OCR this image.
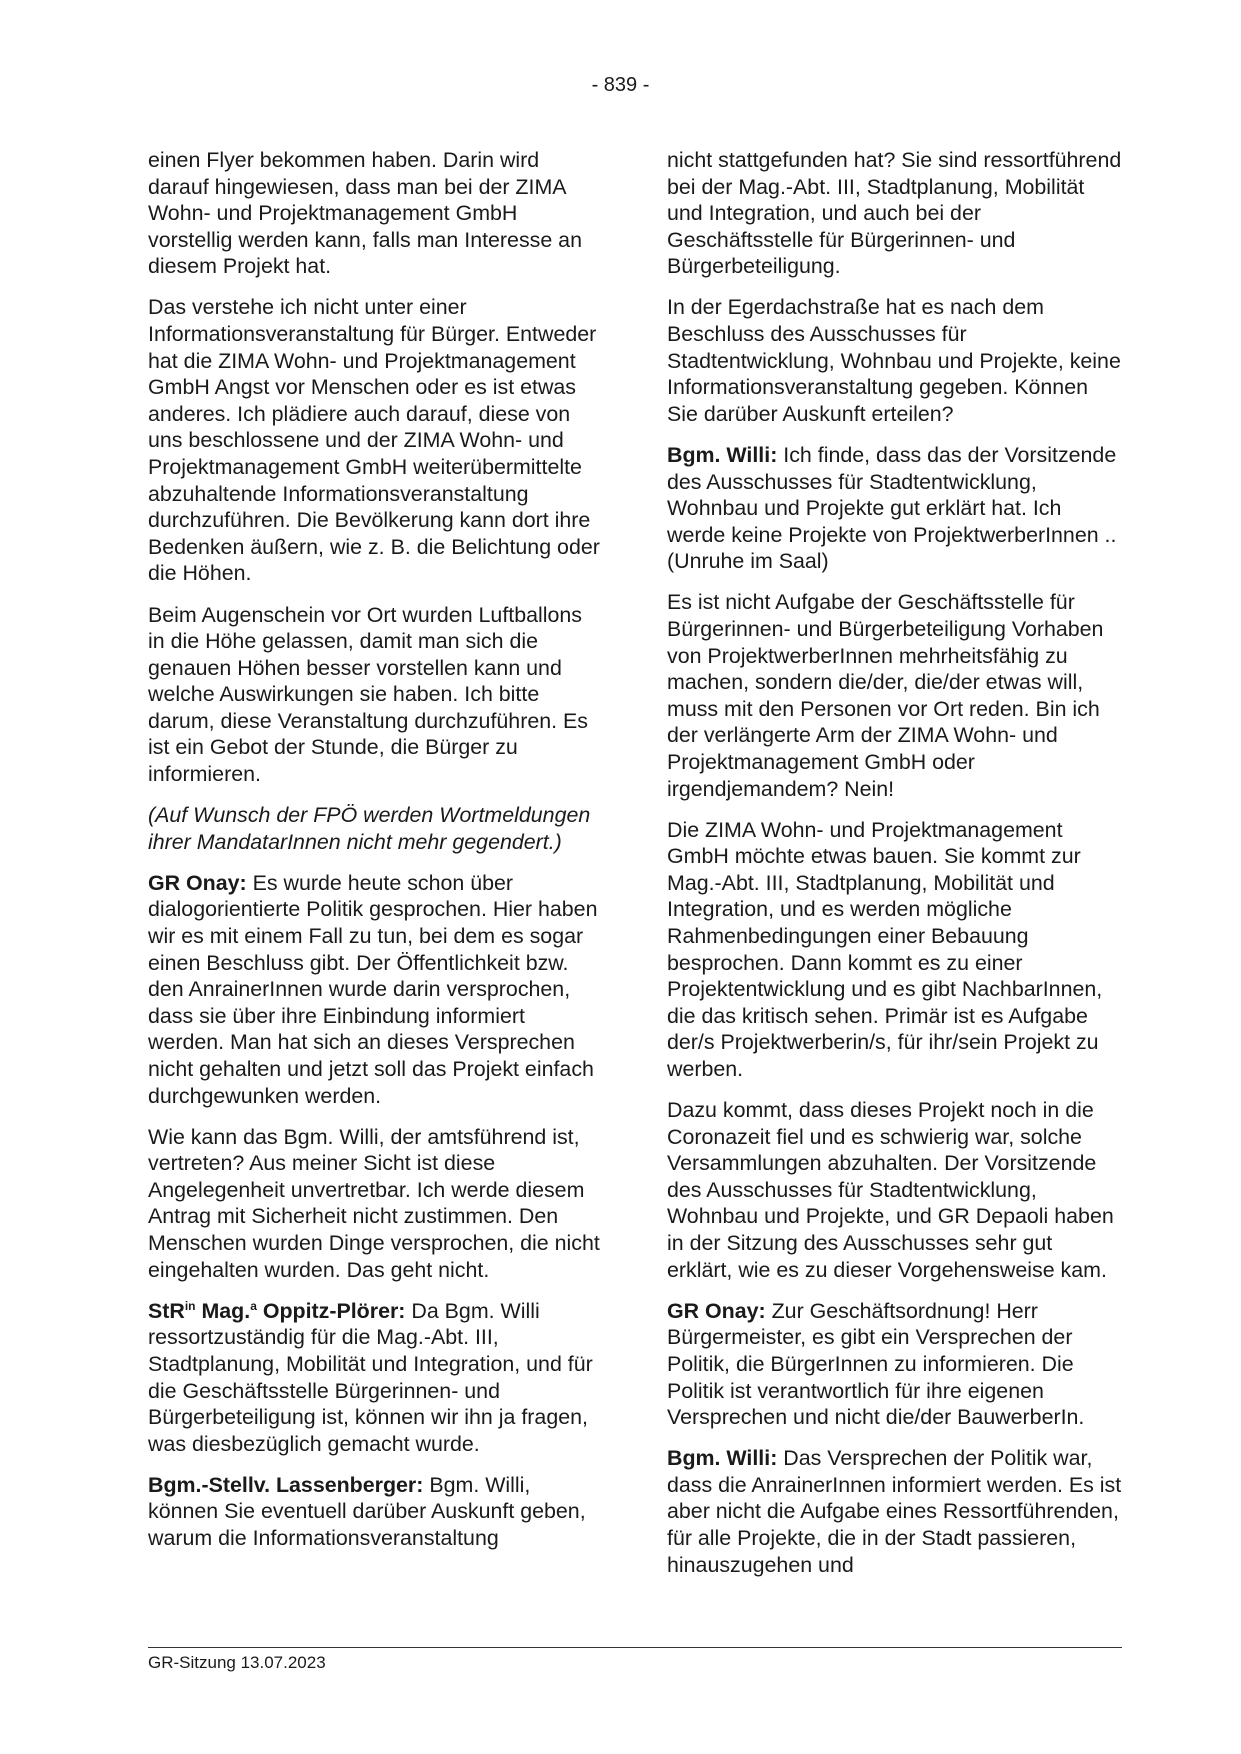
- 839 -

einen Flyer bekommen haben. Darin wird darauf hingewiesen, dass man bei der ZIMA Wohn- und Projektmanagement GmbH vorstellig werden kann, falls man Interesse an diesem Projekt hat.

Das verstehe ich nicht unter einer Informationsveranstaltung für Bürger. Entweder hat die ZIMA Wohn- und Projektmanagement GmbH Angst vor Menschen oder es ist etwas anderes. Ich plädiere auch darauf, diese von uns beschlossene und der ZIMA Wohn- und Projektmanagement GmbH weiterübermittelte abzuhaltende Informationsveranstaltung durchzuführen. Die Bevölkerung kann dort ihre Bedenken äußern, wie z. B. die Belichtung oder die Höhen.

Beim Augenschein vor Ort wurden Luftballons in die Höhe gelassen, damit man sich die genauen Höhen besser vorstellen kann und welche Auswirkungen sie haben. Ich bitte darum, diese Veranstaltung durchzuführen. Es ist ein Gebot der Stunde, die Bürger zu informieren.

(Auf Wunsch der FPÖ werden Wortmeldungen ihrer MandatarInnen nicht mehr gegendert.)

GR Onay: Es wurde heute schon über dialogorientierte Politik gesprochen. Hier haben wir es mit einem Fall zu tun, bei dem es sogar einen Beschluss gibt. Der Öffentlichkeit bzw. den AnrainerInnen wurde darin versprochen, dass sie über ihre Einbindung informiert werden. Man hat sich an dieses Versprechen nicht gehalten und jetzt soll das Projekt einfach durchgewunken werden.

Wie kann das Bgm. Willi, der amtsführend ist, vertreten? Aus meiner Sicht ist diese Angelegenheit unvertretbar. Ich werde diesem Antrag mit Sicherheit nicht zustimmen. Den Menschen wurden Dinge versprochen, die nicht eingehalten wurden. Das geht nicht.

StR$^{in}$ Mag.$^a$ Oppitz-Plörer: Da Bgm. Willi ressortzuständig für die Mag.-Abt. III, Stadtplanung, Mobilität und Integration, und für die Geschäftsstelle Bürgerinnen- und Bürgerbeteiligung ist, können wir ihn ja fragen, was diesbezüglich gemacht wurde.

Bgm.-Stellv. Lassenberger: Bgm. Willi, können Sie eventuell darüber Auskunft geben, warum die Informationsveranstaltung

nicht stattgefunden hat? Sie sind ressortführend bei der Mag.-Abt. III, Stadtplanung, Mobilität und Integration, und auch bei der Geschäftsstelle für Bürgerinnen- und Bürgerbeteiligung.

In der Egerdachstraße hat es nach dem Beschluss des Ausschusses für Stadtentwicklung, Wohnbau und Projekte, keine Informationsveranstaltung gegeben. Können Sie darüber Auskunft erteilen?

Bgm. Willi: Ich finde, dass das der Vorsitzende des Ausschusses für Stadtentwicklung, Wohnbau und Projekte gut erklärt hat. Ich werde keine Projekte von ProjektwerberInnen ..(Unruhe im Saal)

Es ist nicht Aufgabe der Geschäftsstelle für Bürgerinnen- und Bürgerbeteiligung Vorhaben von ProjektwerberInnen mehrheitsfähig zu machen, sondern die/der, die/der etwas will, muss mit den Personen vor Ort reden. Bin ich der verlängerte Arm der ZIMA Wohn- und Projektmanagement GmbH oder irgendjemandem? Nein!

Die ZIMA Wohn- und Projektmanagement GmbH möchte etwas bauen. Sie kommt zur Mag.-Abt. III, Stadtplanung, Mobilität und Integration, und es werden mögliche Rahmenbedingungen einer Bebauung besprochen. Dann kommt es zu einer Projektentwicklung und es gibt NachbarInnen, die das kritisch sehen. Primär ist es Aufgabe der/s Projektwerberin/s, für ihr/sein Projekt zu werben.

Dazu kommt, dass dieses Projekt noch in die Coronazeit fiel und es schwierig war, solche Versammlungen abzuhalten. Der Vorsitzende des Ausschusses für Stadtentwicklung, Wohnbau und Projekte, und GR Depaoli haben in der Sitzung des Ausschusses sehr gut erklärt, wie es zu dieser Vorgehensweise kam.

GR Onay: Zur Geschäftsordnung! Herr Bürgermeister, es gibt ein Versprechen der Politik, die BürgerInnen zu informieren. Die Politik ist verantwortlich für ihre eigenen Versprechen und nicht die/der BauwerberIn.

Bgm. Willi: Das Versprechen der Politik war, dass die AnrainerInnen informiert werden. Es ist aber nicht die Aufgabe eines Ressortführenden, für alle Projekte, die in der Stadt passieren, hinauszugehen und

GR-Sitzung 13.07.2023
